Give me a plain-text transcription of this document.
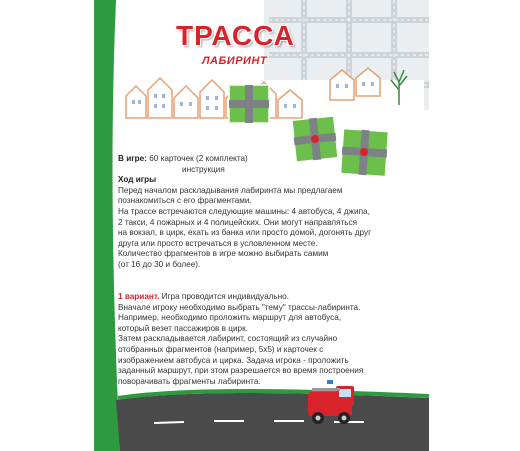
ТРАССА
ЛАБИРИНТ

В игре: 60 карточек (2 комплекта)

инструкция

Ход игры

Перед началом раскладывания лабиринта мы предлагаем

познакомиться с его фрагментами.

На трассе встречаются следующие машины: 4 автобуса, 4 джипа,

2 такси, 4 пожарных и 4 полицейских. Они могут направляться

на вокзал, в цирк, ехать из банка или просто домой, догонять друг

друга или просто встречаться в условленном месте.

Количество фрагментов в игре можно выбирать самим

(от 16 до 30 и более).

1 вариант. Игра проводится индивидуально.

Вначале игроку необходимо выбрать "тему" трассы-лабиринта.

Например, необходимо проложить маршрут для автобуса,

который везет пассажиров в цирк.

Затем раскладывается лабиринт, состоящий из случайно

отобранных фрагментов (например, 5х5) и карточек с

изображением автобуса и цирка. Задача игрока - проложить

заданный маршрут, при этом разрешается во время построения

поворачивать фрагменты лабиринта.
